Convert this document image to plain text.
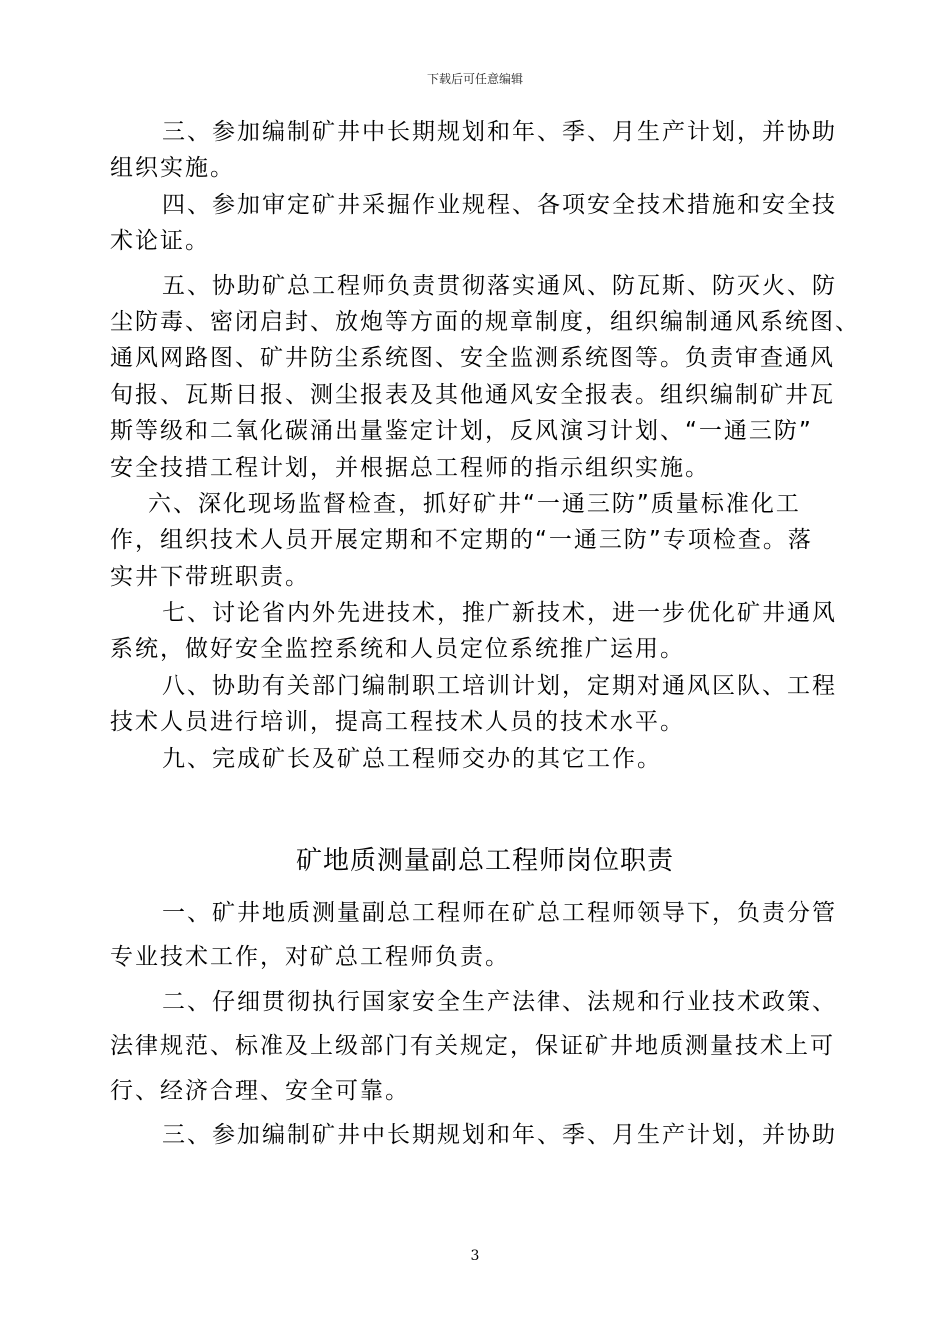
下载后可任意编辑
三、参加编制矿井中长期规划和年、季、月生产计划，并协助
组织实施。
四、参加审定矿井采掘作业规程、各项安全技术措施和安全技
术论证。
五、协助矿总工程师负责贯彻落实通风、防瓦斯、防灭火、防
尘防毒、密闭启封、放炮等方面的规章制度，组织编制通风系统图、
通风网路图、矿井防尘系统图、安全监测系统图等。负责审查通风
旬报、瓦斯日报、测尘报表及其他通风安全报表。组织编制矿井瓦
斯等级和二氧化碳涌出量鉴定计划，反风演习计划、“一通三防”
安全技措工程计划，并根据总工程师的指示组织实施。
六、深化现场监督检查，抓好矿井“一通三防”质量标准化工
作，组织技术人员开展定期和不定期的“一通三防”专项检查。落
实井下带班职责。
七、讨论省内外先进技术，推广新技术，进一步优化矿井通风
系统，做好安全监控系统和人员定位系统推广运用。
八、协助有关部门编制职工培训计划，定期对通风区队、工程
技术人员进行培训，提高工程技术人员的技术水平。
九、完成矿长及矿总工程师交办的其它工作。
矿地质测量副总工程师岗位职责
一、矿井地质测量副总工程师在矿总工程师领导下，负责分管
专业技术工作，对矿总工程师负责。
二、仔细贯彻执行国家安全生产法律、法规和行业技术政策、
法律规范、标准及上级部门有关规定，保证矿井地质测量技术上可
行、经济合理、安全可靠。
三、参加编制矿井中长期规划和年、季、月生产计划，并协助
3
